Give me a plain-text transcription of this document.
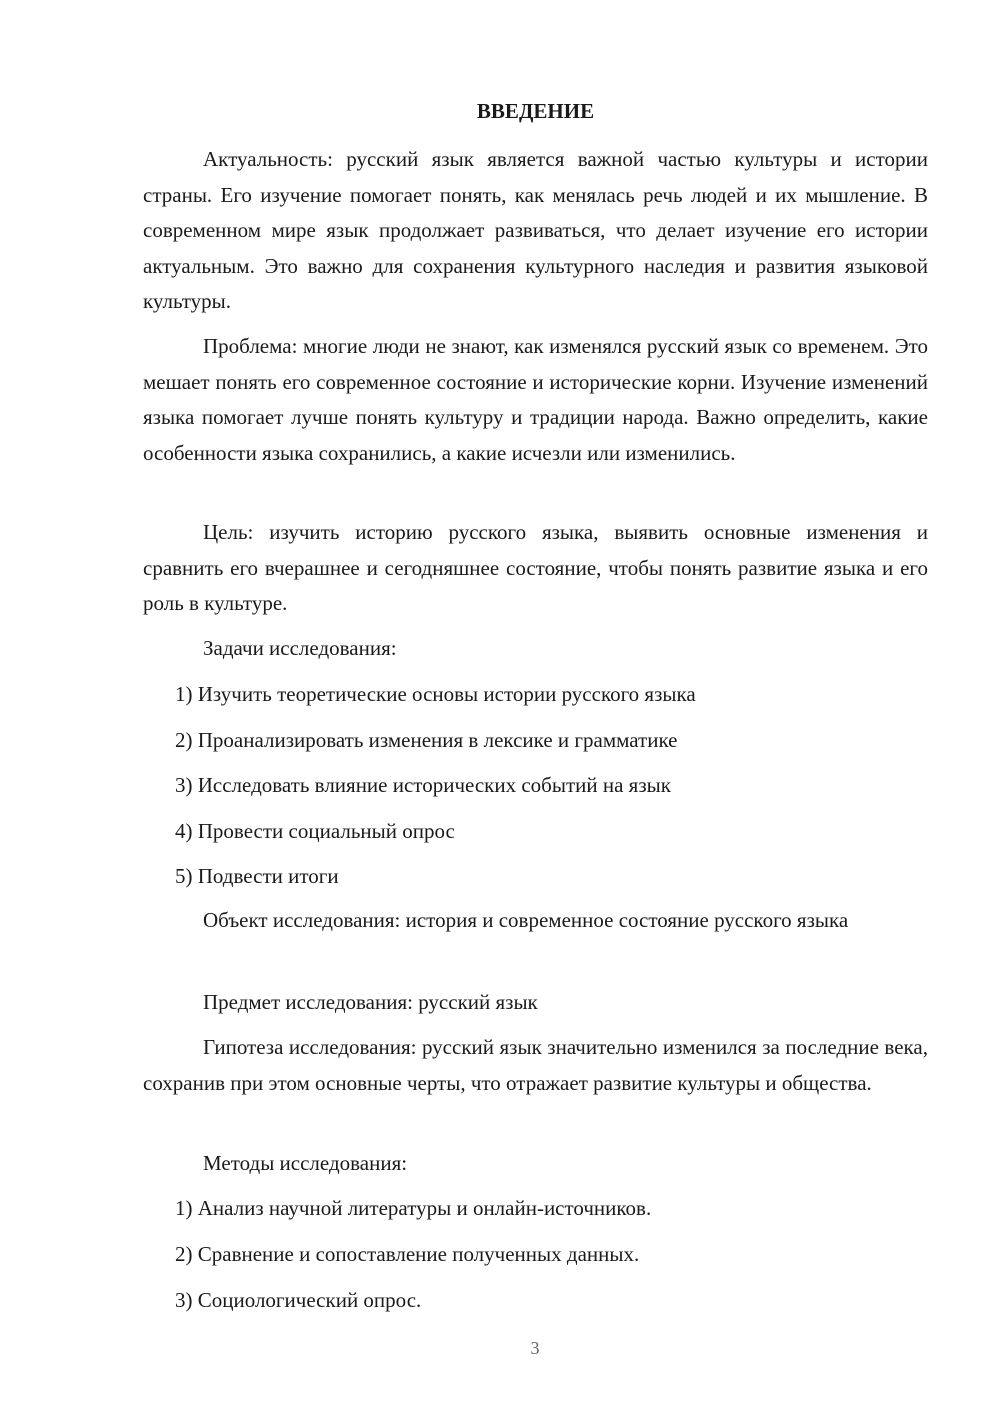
ВВЕДЕНИЕ

Актуальность: русский язык является важной частью культуры и истории страны. Его изучение помогает понять, как менялась речь людей и их мышление. В современном мире язык продолжает развиваться, что делает изучение его истории актуальным. Это важно для сохранения культурного наследия и развития языковой культуры.

Проблема: многие люди не знают, как изменялся русский язык со временем. Это мешает понять его современное состояние и исторические корни. Изучение изменений языка помогает лучше понять культуру и традиции народа. Важно определить, какие особенности языка сохранились, а какие исчезли или изменились.

Цель: изучить историю русского языка, выявить основные изменения и сравнить его вчерашнее и сегодняшнее состояние, чтобы понять развитие языка и его роль в культуре.

Задачи исследования:

1) Изучить теоретические основы истории русского языка

2) Проанализировать изменения в лексике и грамматике

3) Исследовать влияние исторических событий на язык

4) Провести социальный опрос

5) Подвести итоги

Объект исследования: история и современное состояние русского языка

Предмет исследования: русский язык

Гипотеза исследования: русский язык значительно изменился за последние века, сохранив при этом основные черты, что отражает развитие культуры и общества.

Методы исследования:

1) Анализ научной литературы и онлайн-источников.

2) Сравнение и сопоставление полученных данных.

3) Социологический опрос.

3
